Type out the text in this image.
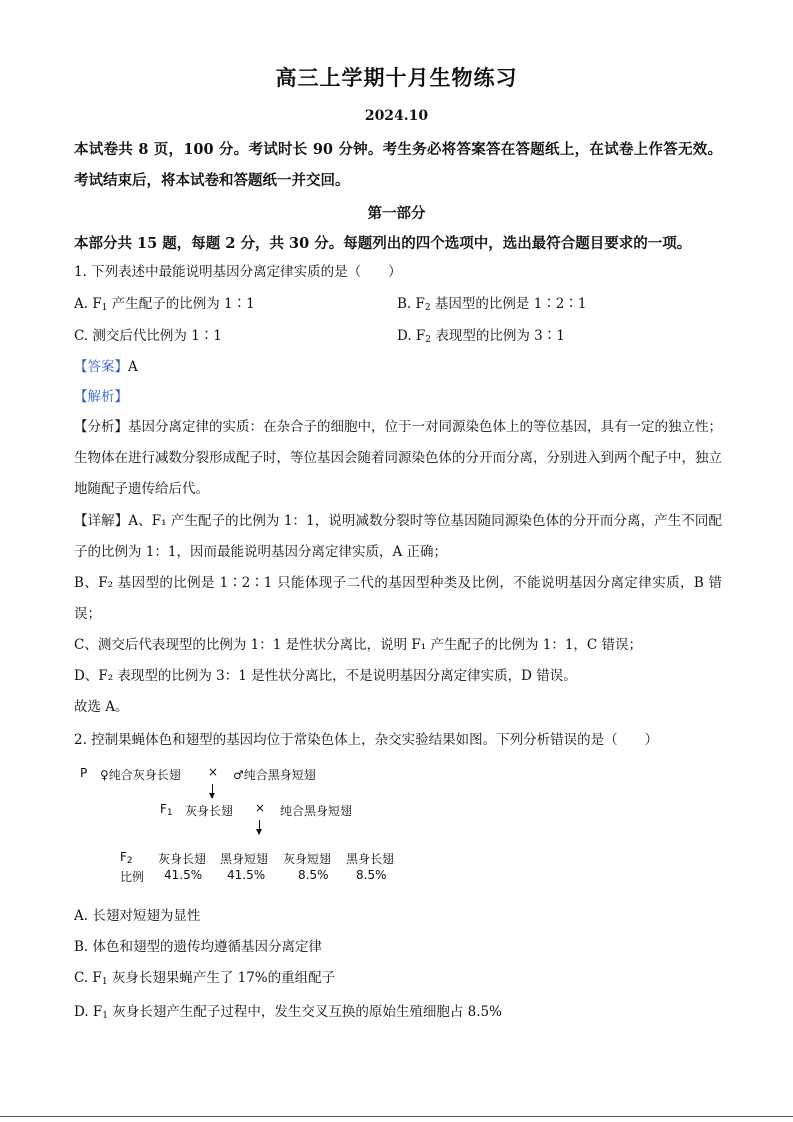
高三上学期十月生物练习
2024.10
本试卷共 8 页，100 分。考试时长 90 分钟。考生务必将答案答在答题纸上，在试卷上作答无效。考试结束后，将本试卷和答题纸一并交回。
第一部分
本部分共 15 题，每题 2 分，共 30 分。每题列出的四个选项中，选出最符合题目要求的一项。
1. 下列表述中最能说明基因分离定律实质的是（　　）
A. $F_1$ 产生配子的比例为 1∶1	B. $F_2$ 基因型的比例是 1∶2∶1
C. 测交后代比例为 1∶1	D. $F_2$ 表现型的比例为 3∶1
【答案】A
【解析】
【分析】基因分离定律的实质：在杂合子的细胞中，位于一对同源染色体上的等位基因，具有一定的独立性；生物体在进行减数分裂形成配子时，等位基因会随着同源染色体的分开而分离，分别进入到两个配子中，独立地随配子遗传给后代。
【详解】A、F₁ 产生配子的比例为 1：1，说明减数分裂时等位基因随同源染色体的分开而分离，产生不同配子的比例为 1：1，因而最能说明基因分离定律实质，A 正确；
B、F₂ 基因型的比例是 1∶2∶1 只能体现子二代的基因型种类及比例，不能说明基因分离定律实质，B 错误；
C、测交后代表现型的比例为 1：1 是性状分离比，说明 F₁ 产生配子的比例为 1：1，C 错误；
D、F₂ 表现型的比例为 3：1 是性状分离比，不是说明基因分离定律实质，D 错误。
故选 A。
2. 控制果蝇体色和翅型的基因均位于常染色体上，杂交实验结果如图。下列分析错误的是（　　）
P ♀纯合灰身长翅 × ♂纯合黑身短翅
$F_1$ 灰身长翅 × 纯合黑身短翅
$F_2$
比例
灰身长翅 黑身短翅 灰身短翅 黑身长翅
41.5% 41.5%	8.5% 8.5%
A. 长翅对短翅为显性
B. 体色和翅型的遗传均遵循基因分离定律
C. $F_1$ 灰身长翅果蝇产生了 17%的重组配子
D. $F_1$ 灰身长翅产生配子过程中，发生交叉互换的原始生殖细胞占 8.5%
